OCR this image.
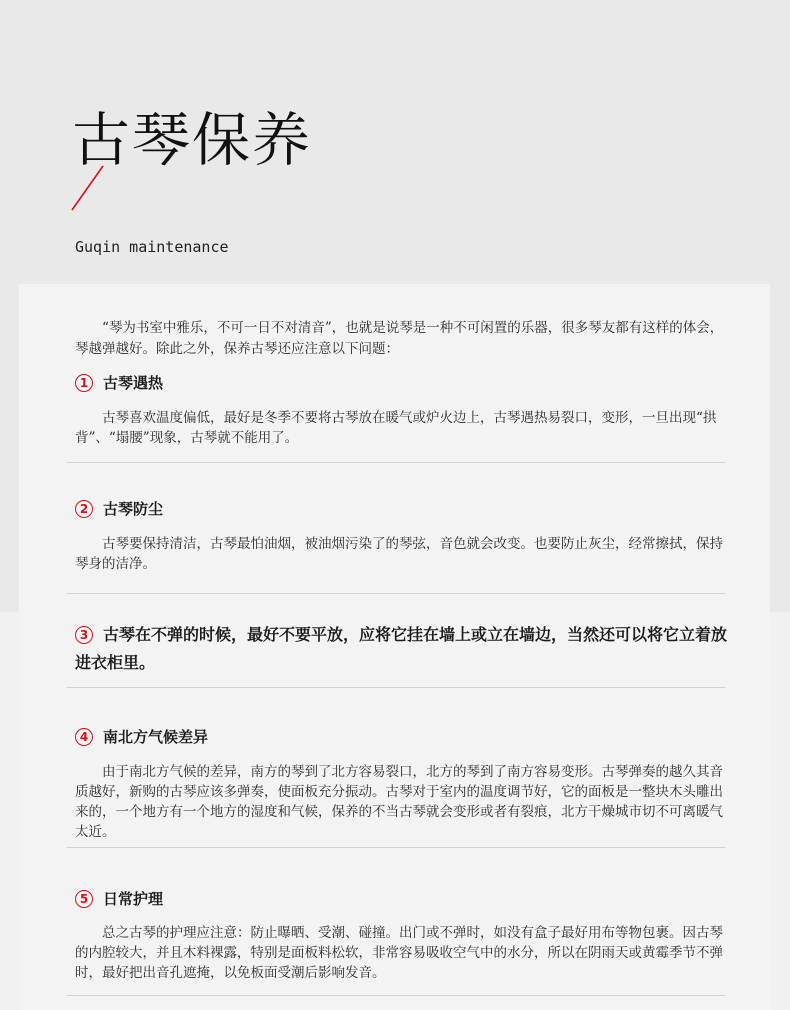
古琴保养
Guqin maintenance

“琴为书室中雅乐，不可一日不对清音”，也就是说琴是一种不可闲置的乐器，很多琴友都有这样的体会，琴越弹越好。除此之外，保养古琴还应注意以下问题：

1 古琴遇热

古琴喜欢温度偏低，最好是冬季不要将古琴放在暖气或炉火边上，古琴遇热易裂口，变形，一旦出现“拱背”、“塌腰”现象，古琴就不能用了。

2 古琴防尘

古琴要保持清洁，古琴最怕油烟，被油烟污染了的琴弦，音色就会改变。也要防止灰尘，经常擦拭，保持琴身的洁净。

3 古琴在不弹的时候，最好不要平放，应将它挂在墙上或立在墙边，当然还可以将它立着放进衣柜里。
4 南北方气候差异

由于南北方气候的差异，南方的琴到了北方容易裂口，北方的琴到了南方容易变形。古琴弹奏的越久其音质越好，新购的古琴应该多弹奏，使面板充分振动。古琴对于室内的温度调节好，它的面板是一整块木头雕出来的，一个地方有一个地方的湿度和气候，保养的不当古琴就会变形或者有裂痕，北方干燥城市切不可离暖气太近。

5 日常护理

总之古琴的护理应注意：防止曝晒、受潮、碰撞。出门或不弹时，如没有盒子最好用布等物包裹。因古琴的内腔较大，并且木料裸露，特别是面板料松软，非常容易吸收空气中的水分，所以在阴雨天或黄霉季节不弹时，最好把出音孔遮掩，以免板面受潮后影响发音。
